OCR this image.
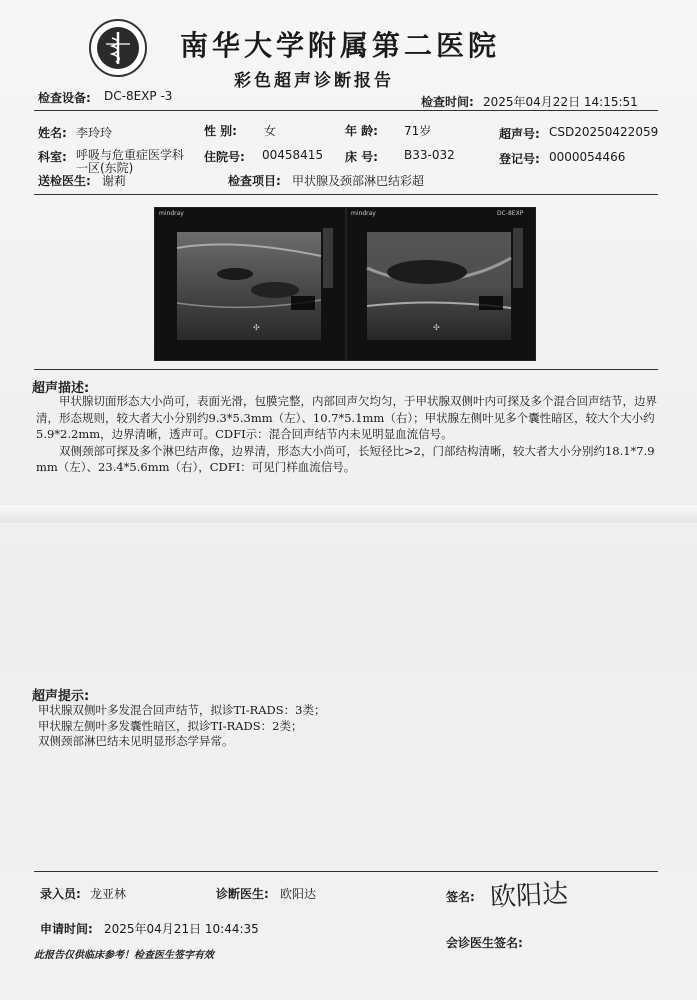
南华大学附属第二医院
彩色超声诊断报告
检查设备: DC-8EXP -3	检查时间: 2025年04月22日 14:15:51
姓名: 李玲玲	性 别: 女	年 龄: 71岁	超声号: CSD20250422059
科室: 呼吸与危重症医学科
一区(东院)
住院号: 00458415 床 号: B33-032	登记号: 0000054466
送检医生: 谢莉	检查项目: 甲状腺及颈部淋巴结彩超
✣
mindray
✣
mindray	DC-8EXP
超声描述:

甲状腺切面形态大小尚可，表面光滑，包膜完整，内部回声欠均匀，于甲状腺双侧叶内可探及多个混合回声结节，边界清，形态规则，较大者大小分别约9.3*5.3mm（左）、10.7*5.1mm（右）；甲状腺左侧叶见多个囊性暗区，较大个大小约5.9*2.2mm，边界清晰，透声可。CDFI示：混合回声结节内未见明显血流信号。

双侧颈部可探及多个淋巴结声像，边界清，形态大小尚可，长短径比>2，门部结构清晰，较大者大小分别约18.1*7.9mm（左）、23.4*5.6mm（右），CDFI：可见门样血流信号。

超声提示:
甲状腺双侧叶多发混合回声结节，拟诊TI-RADS：3类；
甲状腺左侧叶多发囊性暗区，拟诊TI-RADS：2类；
双侧颈部淋巴结未见明显形态学异常。
录入员: 龙亚林	诊断医生: 欧阳达	签名: 欧阳达
申请时间: 2025年04月21日 10:44:35
会诊医生签名:
此报告仅供临床参考！检查医生签字有效
